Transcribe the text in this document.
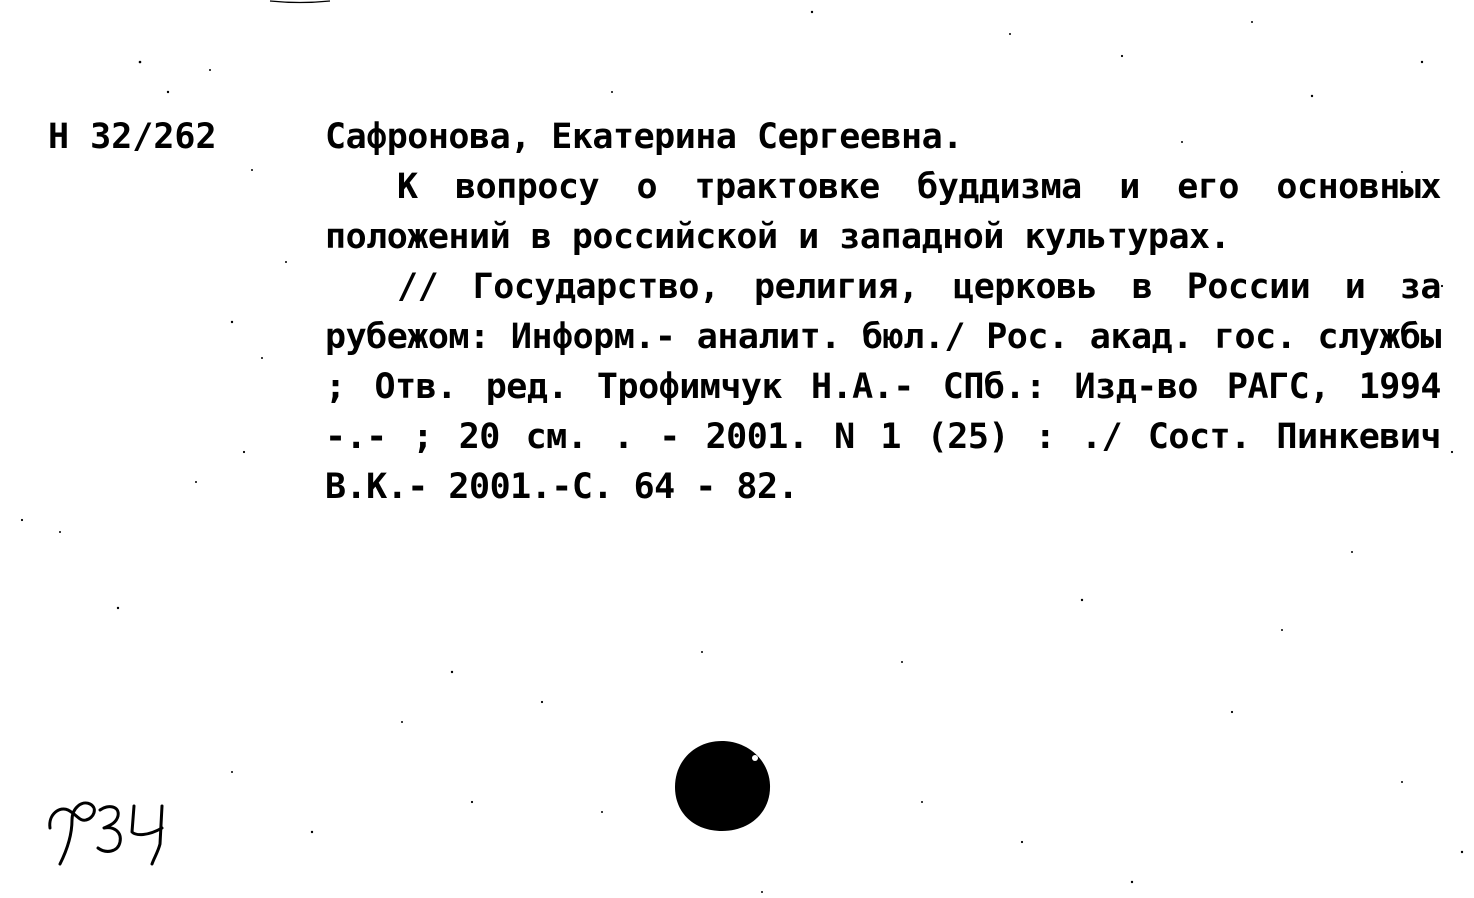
Н 32/262	Сафронова, Екатерина Сергеевна.

К вопросу о трактовке буддизма и его основных положений в российской и западной культурах.

// Государство, религия, церковь в России и за рубежом: Информ.- аналит. бюл./ Рос. акад. гос. службы ; Отв. ред. Трофимчук Н.А.- СПб.: Изд-во РАГС, 1994 -.- ; 20 см. . - 2001. N 1 (25) : ./ Сост. Пинкевич В.К.- 2001.-С. 64 - 82.
